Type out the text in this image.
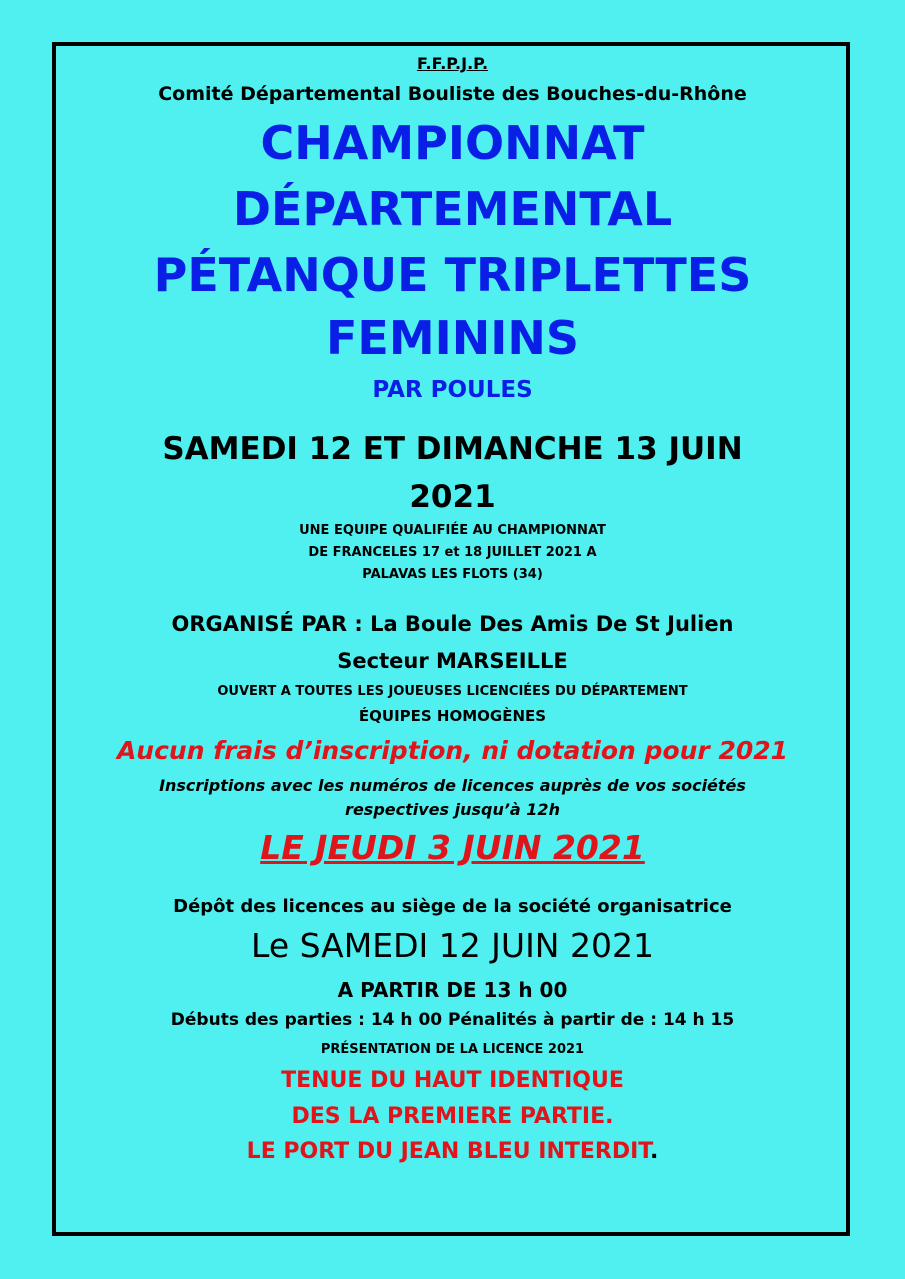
F.F.P.J.P.
Comité Départemental Bouliste des Bouches-du-Rhône
CHAMPIONNAT
DÉPARTEMENTAL
PÉTANQUE TRIPLETTES
FEMININS
PAR POULES
SAMEDI 12 ET DIMANCHE 13 JUIN
2021
UNE EQUIPE QUALIFIÉE AU CHAMPIONNAT
DE FRANCELES 17 et 18 JUILLET 2021 A
PALAVAS LES FLOTS (34)
ORGANISÉ PAR : La Boule Des Amis De St Julien
Secteur MARSEILLE
OUVERT A TOUTES LES JOUEUSES LICENCIÉES DU DÉPARTEMENT
ÉQUIPES HOMOGÈNES
Aucun frais d’inscription, ni dotation pour 2021
Inscriptions avec les numéros de licences auprès de vos sociétés
respectives jusqu’à 12h
LE JEUDI 3 JUIN 2021
Dépôt des licences au siège de la société organisatrice
Le SAMEDI 12 JUIN 2021
A PARTIR DE 13 h 00
Débuts des parties : 14 h 00 Pénalités à partir de : 14 h 15
PRÉSENTATION DE LA LICENCE 2021
TENUE DU HAUT IDENTIQUE
DES LA PREMIERE PARTIE.
LE PORT DU JEAN BLEU INTERDIT.
